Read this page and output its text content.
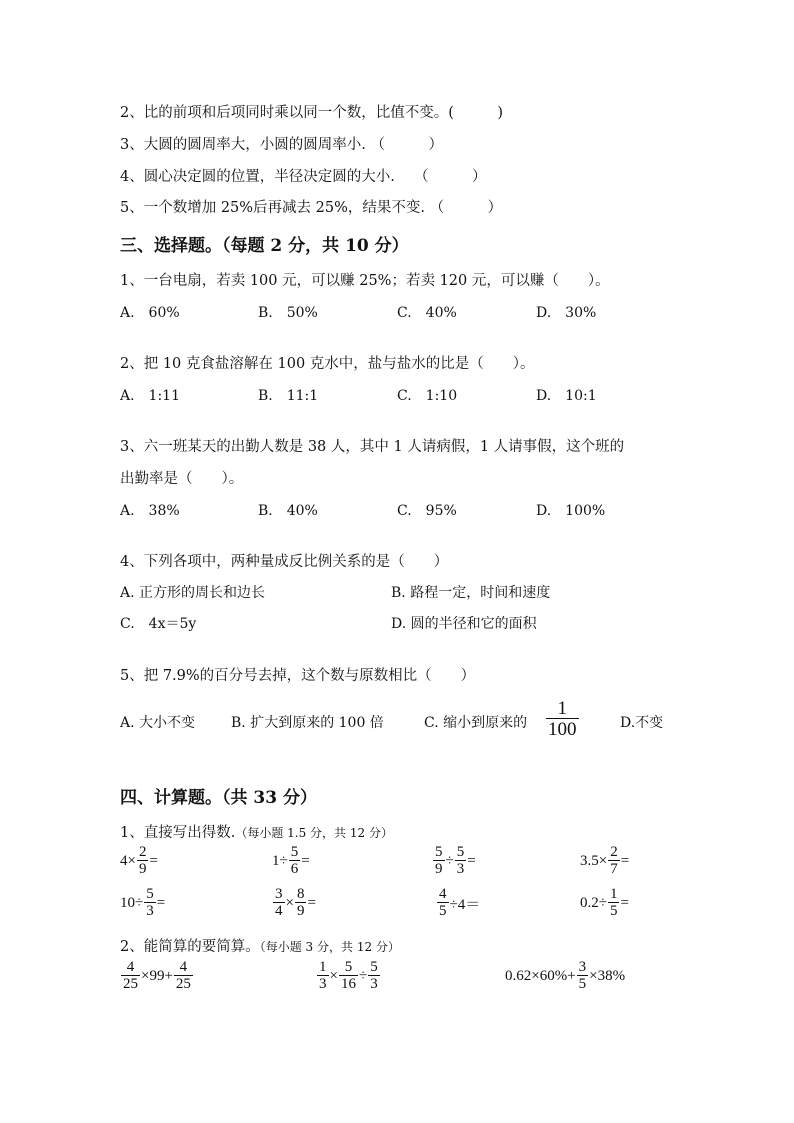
2、比的前项和后项同时乘以同一个数，比值不变。(　　　)
3、大圆的圆周率大，小圆的圆周率小. （　　　）
4、圆心决定圆的位置，半径决定圆的大小.　 （　　　）
5、一个数增加 25%后再减去 25%，结果不变. （　　　）
三、选择题。（每题 2 分，共 10 分）
1、一台电扇，若卖 100 元，可以赚 25%；若卖 120 元，可以赚（　　）。
A.　60%	B.　50%	C.　40%	D.　30%
2、把 10 克食盐溶解在 100 克水中，盐与盐水的比是（　　）。
A.　1:11	B.　11:1	C.　1:10	D.　10:1
3、六一班某天的出勤人数是 38 人，其中 1 人请病假，1 人请事假，这个班的
出勤率是（　　）。
A.　38%	B.　40%	C.　95%	D.　100%
4、下列各项中，两种量成反比例关系的是（　　）
A. 正方形的周长和边长	B. 路程一定，时间和速度
C.　4x＝5y	D. 圆的半径和它的面积
5、把 7.9%的百分号去掉，这个数与原数相比（　　）
A. 大小不变	B. 扩大到原来的 100 倍	C. 缩小到原来的 $\frac{1}{100}$	D.不变
四、计算题。（共 33 分）
1、直接写出得数.（每小题 1.5 分，共 12 分）
$4\times \frac{2}{9}$ =	$1\div \frac{5}{6}$ =	$\frac{5}{9} \div \frac{5}{3}$ =	$3.5\times \frac{2}{7}$ =
$10\div \frac{5}{3}$ =	$\frac{3}{4} \times \frac{8}{9}$ =	$\frac{4}{5} \div 4=$	$0.2\div \frac{1}{5}$ =
2、能简算的要简算。（每小题 3 分，共 12 分）
$\frac{4}{25} \times 99+ \frac{4}{25}$	$\frac{1}{3} \times \frac{5}{16} \div \frac{5}{3}$	$0.62\times 60\%+ \frac{3}{5} \times 38\%$
